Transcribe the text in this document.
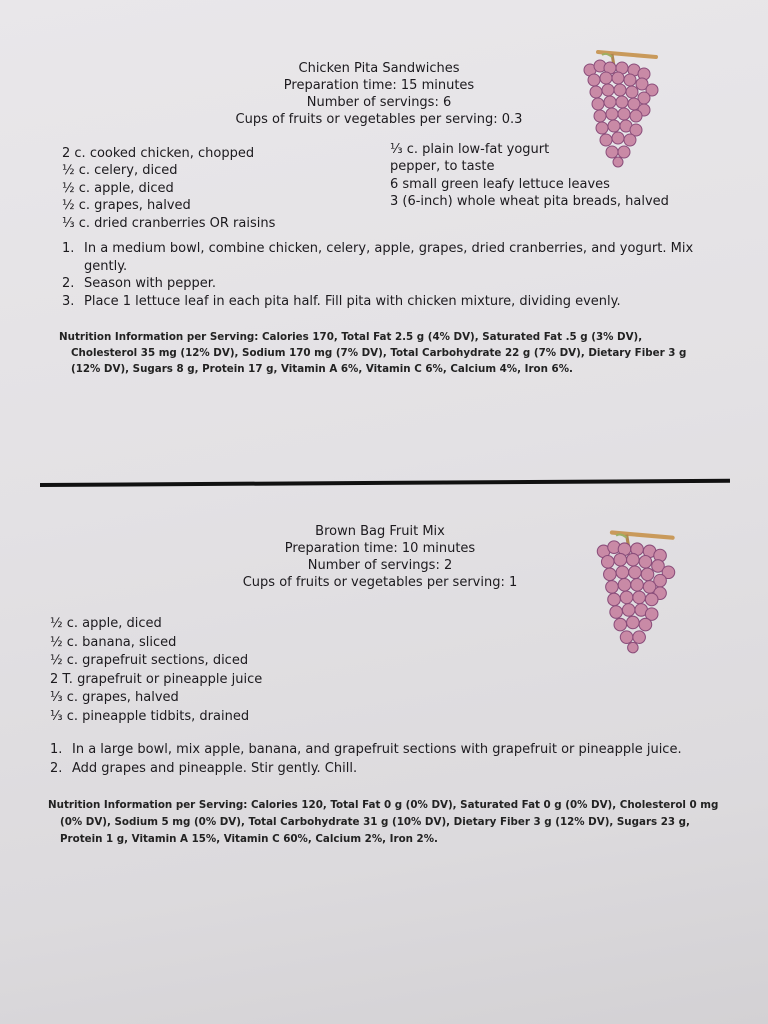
Chicken Pita Sandwiches
Preparation time: 15 minutes
Number of servings: 6
Cups of fruits or vegetables per serving: 0.3
2 c. cooked chicken, chopped
½ c. celery, diced
½ c. apple, diced
½ c. grapes, halved
⅓ c. dried cranberries OR raisins
⅓ c. plain low-fat yogurt
pepper, to taste
6 small green leafy lettuce leaves
3 (6-inch) whole wheat pita breads, halved
1. In a medium bowl, combine chicken, celery, apple, grapes, dried cranberries, and yogurt. Mix gently.
2. Season with pepper.
3. Place 1 lettuce leaf in each pita half. Fill pita with chicken mixture, dividing evenly.

Nutrition Information per Serving: Calories 170, Total Fat 2.5 g (4% DV), Saturated Fat .5 g (3% DV), Cholesterol 35 mg (12% DV), Sodium 170 mg (7% DV), Total Carbohydrate 22 g (7% DV), Dietary Fiber 3 g (12% DV), Sugars 8 g, Protein 17 g, Vitamin A 6%, Vitamin C 6%, Calcium 4%, Iron 6%.

Brown Bag Fruit Mix
Preparation time: 10 minutes
Number of servings: 2
Cups of fruits or vegetables per serving: 1
½ c. apple, diced
½ c. banana, sliced
½ c. grapefruit sections, diced
2 T. grapefruit or pineapple juice
⅓ c. grapes, halved
⅓ c. pineapple tidbits, drained
1. In a large bowl, mix apple, banana, and grapefruit sections with grapefruit or pineapple juice.
2. Add grapes and pineapple. Stir gently. Chill.

Nutrition Information per Serving: Calories 120, Total Fat 0 g (0% DV), Saturated Fat 0 g (0% DV), Cholesterol 0 mg (0% DV), Sodium 5 mg (0% DV), Total Carbohydrate 31 g (10% DV), Dietary Fiber 3 g (12% DV), Sugars 23 g, Protein 1 g, Vitamin A 15%, Vitamin C 60%, Calcium 2%, Iron 2%.
